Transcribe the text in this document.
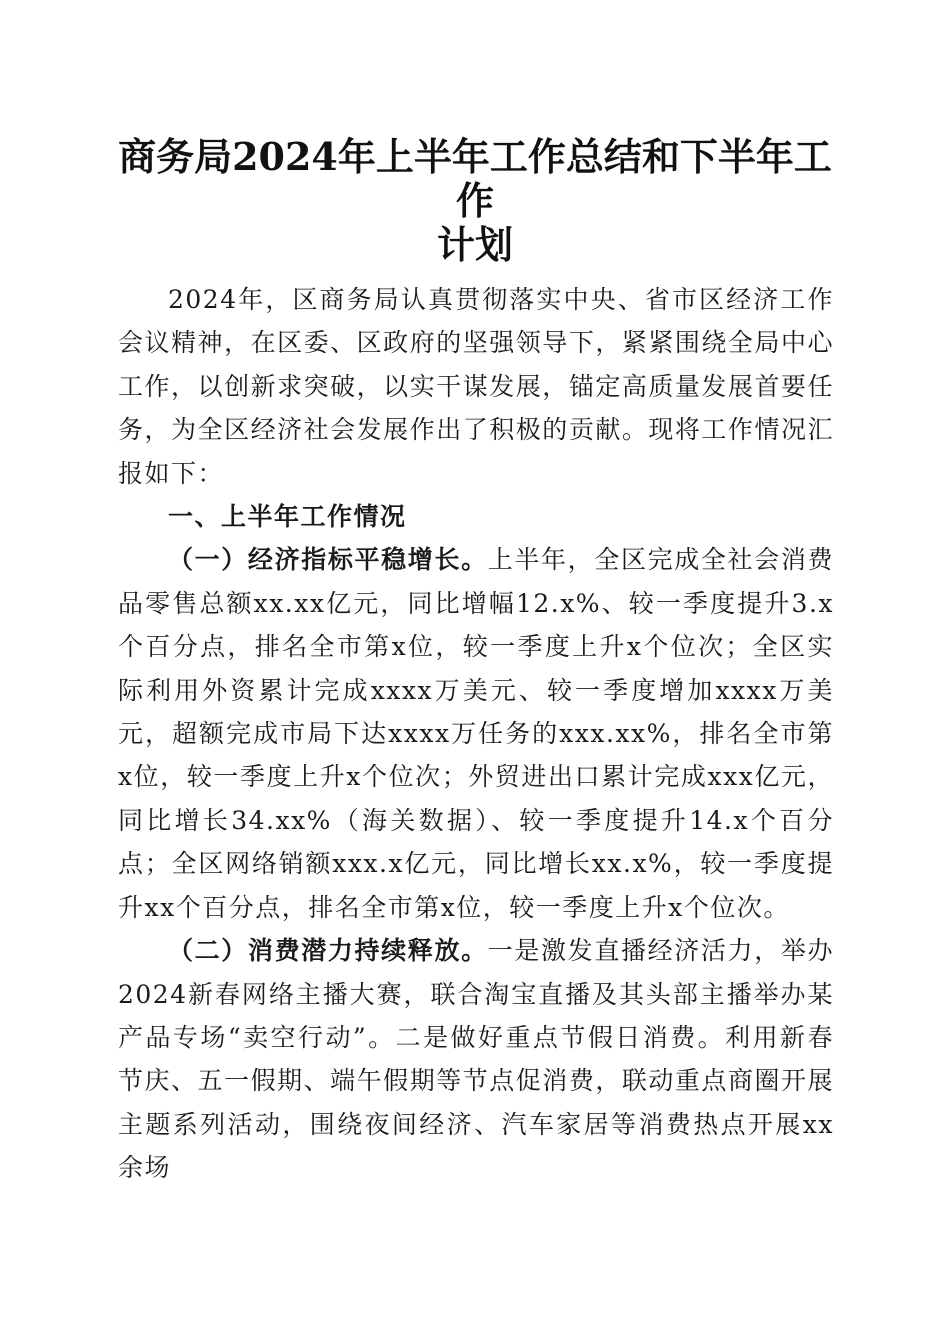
商务局2024年上半年工作总结和下半年工作
计划

2024年，区商务局认真贯彻落实中央、省市区经济工作会议精神，在区委、区政府的坚强领导下，紧紧围绕全局中心工作，以创新求突破，以实干谋发展，锚定高质量发展首要任务，为全区经济社会发展作出了积极的贡献。现将工作情况汇报如下：

一、上半年工作情况

（一）经济指标平稳增长。上半年，全区完成全社会消费品零售总额xx.xx亿元，同比增幅12.x%、较一季度提升3.x个百分点，排名全市第x位，较一季度上升x个位次；全区实际利用外资累计完成xxxx万美元、较一季度增加xxxx万美元，超额完成市局下达xxxx万任务的xxx.xx%，排名全市第x位，较一季度上升x个位次；外贸进出口累计完成xxx亿元，同比增长34.xx%（海关数据）、较一季度提升14.x个百分点；全区网络销额xxx.x亿元，同比增长xx.x%，较一季度提升xx个百分点，排名全市第x位，较一季度上升x个位次。

（二）消费潜力持续释放。一是激发直播经济活力，举办2024新春网络主播大赛，联合淘宝直播及其头部主播举办某产品专场“卖空行动”。二是做好重点节假日消费。利用新春节庆、五一假期、端午假期等节点促消费，联动重点商圈开展主题系列活动，围绕夜间经济、汽车家居等消费热点开展xx余场
